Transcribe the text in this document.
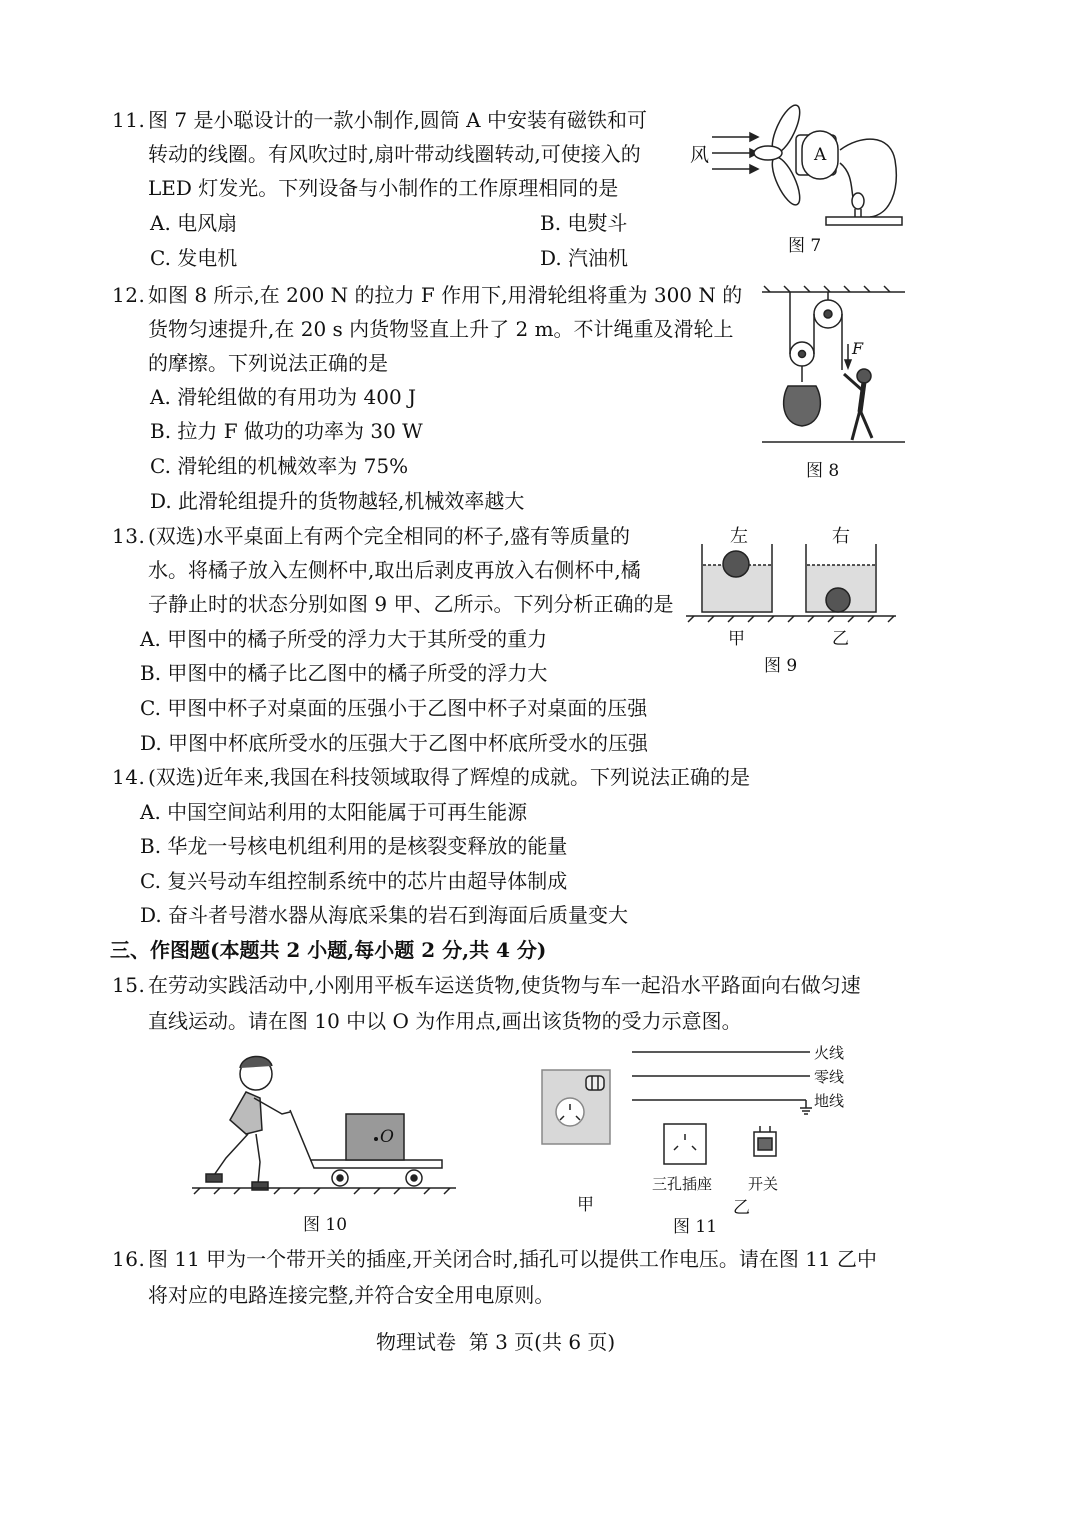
11. 图 7 是小聪设计的一款小制作,圆筒 A 中安装有磁铁和可
转动的线圈。有风吹过时,扇叶带动线圈转动,可使接入的
LED 灯发光。下列设备与小制作的工作原理相同的是
A. 电风扇	B. 电熨斗
C. 发电机	D. 汽油机
风	A
图 7
12. 如图 8 所示,在 200 N 的拉力 F 作用下,用滑轮组将重为 300 N 的
货物匀速提升,在 20 s 内货物竖直上升了 2 m。不计绳重及滑轮上
的摩擦。下列说法正确的是
A. 滑轮组做的有用功为 400 J
B. 拉力 F 做功的功率为 30 W
C. 滑轮组的机械效率为 75%
D. 此滑轮组提升的货物越轻,机械效率越大
F
图 8
13. (双选)水平桌面上有两个完全相同的杯子,盛有等质量的
水。将橘子放入左侧杯中,取出后剥皮再放入右侧杯中,橘
子静止时的状态分别如图 9 甲、乙所示。下列分析正确的是
A. 甲图中的橘子所受的浮力大于其所受的重力
B. 甲图中的橘子比乙图中的橘子所受的浮力大
C. 甲图中杯子对桌面的压强小于乙图中杯子对桌面的压强
D. 甲图中杯底所受水的压强大于乙图中杯底所受水的压强
左	右
甲	乙
图 9
14. (双选)近年来,我国在科技领域取得了辉煌的成就。下列说法正确的是
A. 中国空间站利用的太阳能属于可再生能源
B. 华龙一号核电机组利用的是核裂变释放的能量
C. 复兴号动车组控制系统中的芯片由超导体制成
D. 奋斗者号潜水器从海底采集的岩石到海面后质量变大
三、作图题(本题共 2 小题,每小题 2 分,共 4 分)
15. 在劳动实践活动中,小刚用平板车运送货物,使货物与车一起沿水平路面向右做匀速
直线运动。请在图 10 中以 O 为作用点,画出该货物的受力示意图。
O
图 10
火线
零线
地线
三孔插座 开关
甲	乙
图 11
16. 图 11 甲为一个带开关的插座,开关闭合时,插孔可以提供工作电压。请在图 11 乙中
将对应的电路连接完整,并符合安全用电原则。
物理试卷  第 3 页(共 6 页)
